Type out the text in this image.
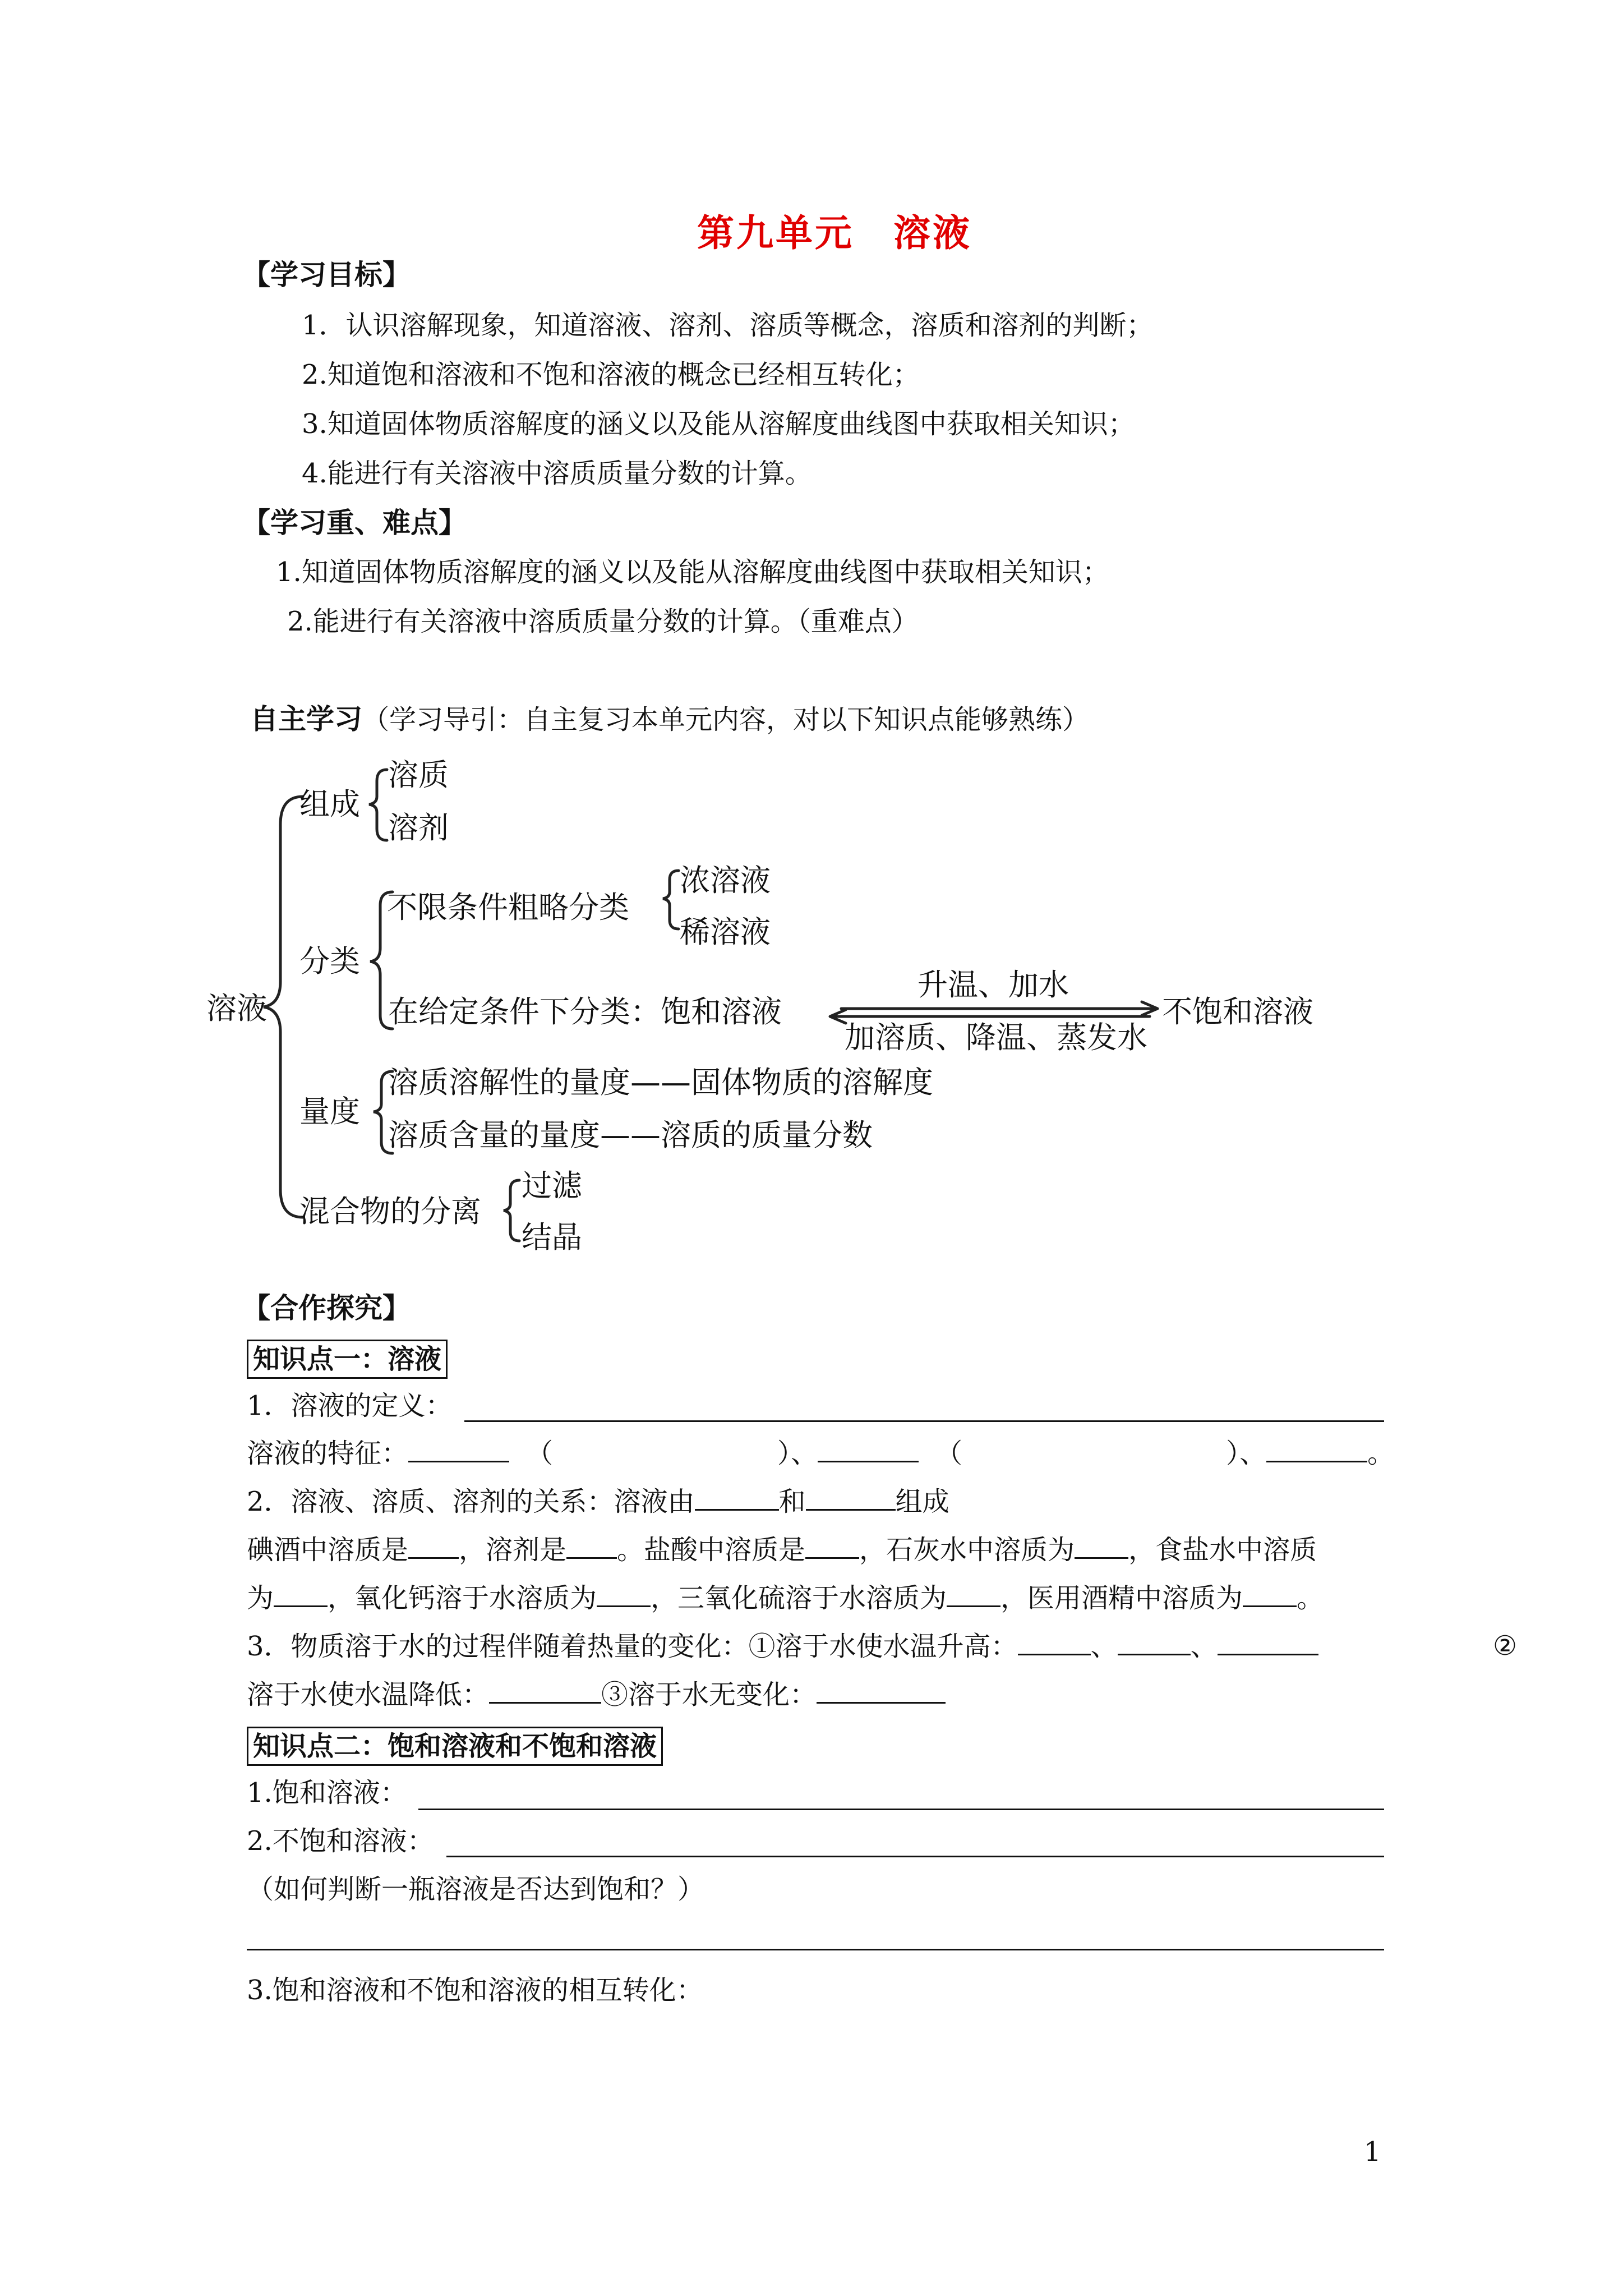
第九单元　溶液
【学习目标】
1．认识溶解现象，知道溶液、溶剂、溶质等概念，溶质和溶剂的判断；
2.知道饱和溶液和不饱和溶液的概念已经相互转化；
3.知道固体物质溶解度的涵义以及能从溶解度曲线图中获取相关知识；
4.能进行有关溶液中溶质质量分数的计算。
【学习重、难点】
1.知道固体物质溶解度的涵义以及能从溶解度曲线图中获取相关知识；
2.能进行有关溶液中溶质质量分数的计算。（重难点）
自主学习（学习导引：自主复习本单元内容，对以下知识点能够熟练）
溶液
组成
溶质
溶剂
分类
不限条件粗略分类
浓溶液
稀溶液
在给定条件下分类：饱和溶液
升温、加水
加溶质、降温、蒸发水
不饱和溶液
量度
溶质溶解性的量度——固体物质的溶解度
溶质含量的量度——溶质的质量分数
混合物的分离
过滤
结晶
【合作探究】
知识点一：溶液
1．溶液的定义：
溶液的特征：	（	）、	（	）、	。
2．溶液、溶质、溶剂的关系：溶液由	和	组成
碘酒中溶质是 ，溶剂是 。盐酸中溶质是 ，石灰水中溶质为 ，食盐水中溶质
为 ，氧化钙溶于水溶质为 ，三氧化硫溶于水溶质为 ，医用酒精中溶质为 。
3．物质溶于水的过程伴随着热量的变化：①溶于水使水温升高：	、	、	②
溶于水使水温降低：	③溶于水无变化：
知识点二：饱和溶液和不饱和溶液
1.饱和溶液：
2.不饱和溶液：
（如何判断一瓶溶液是否达到饱和？）
3.饱和溶液和不饱和溶液的相互转化：
1
